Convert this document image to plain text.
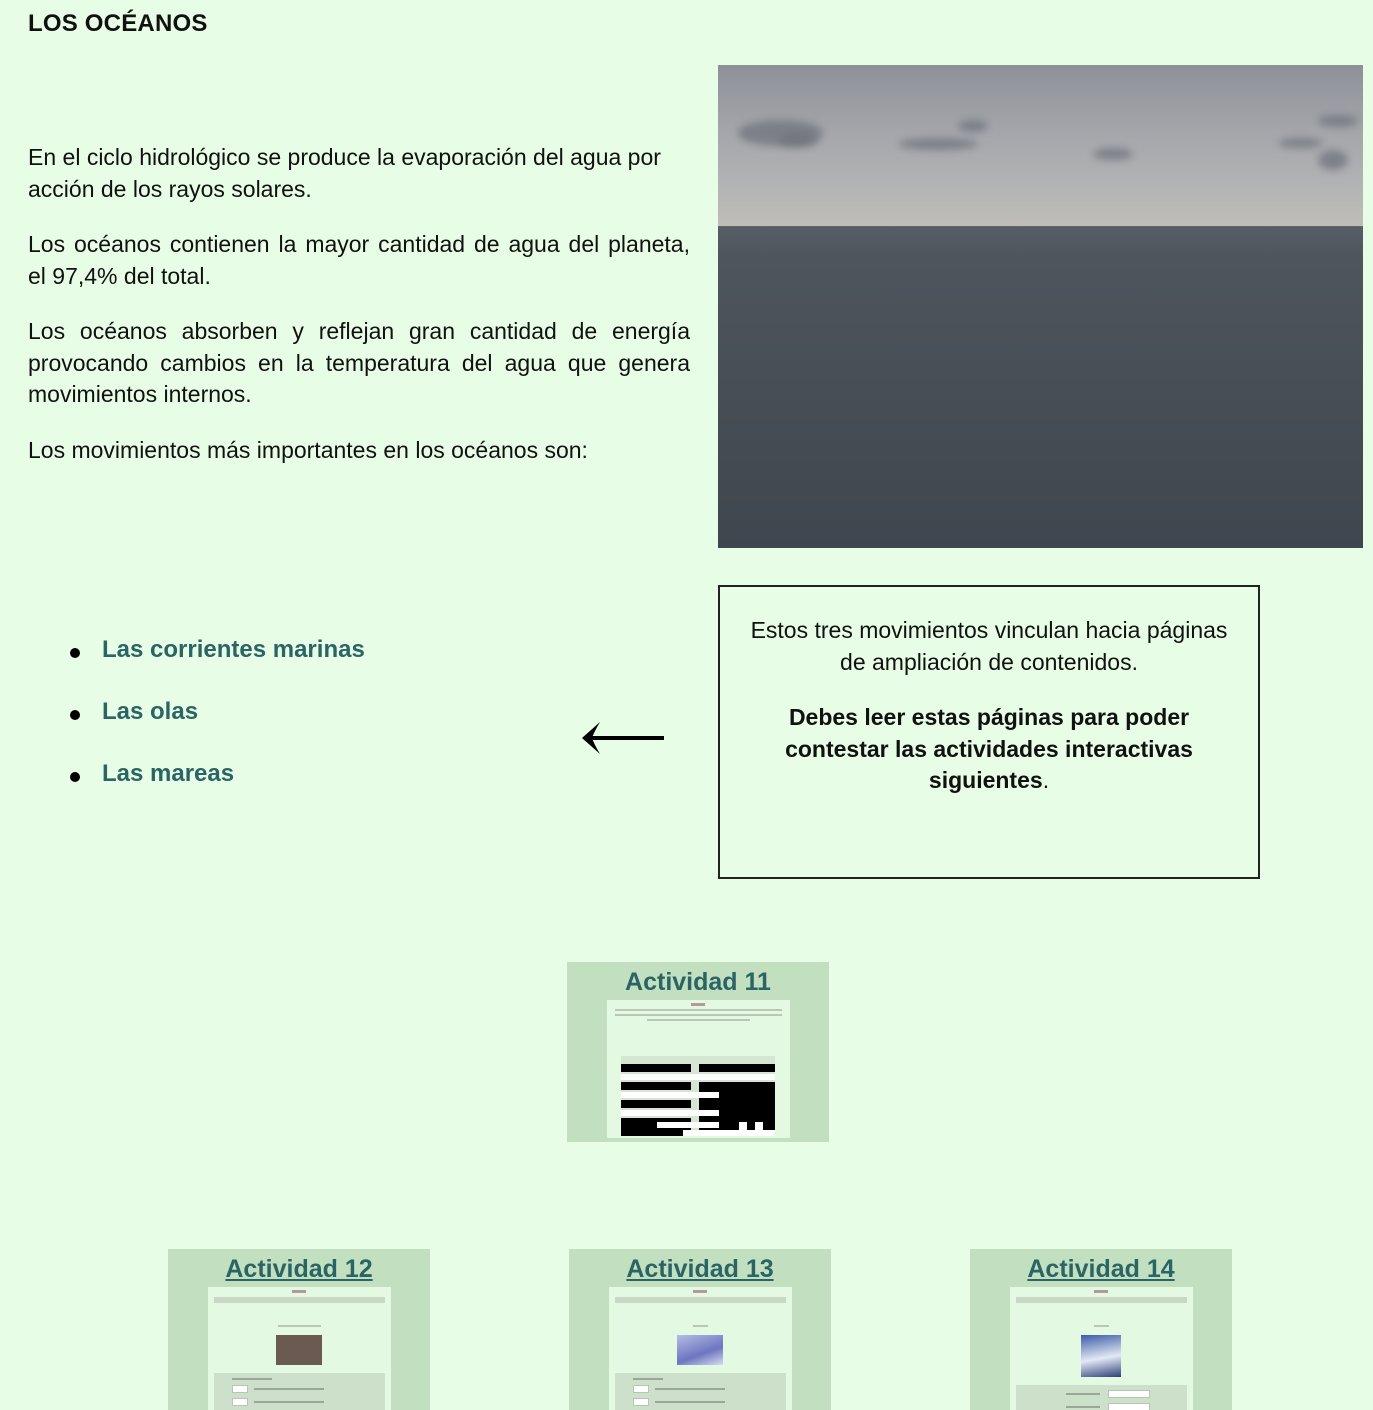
LOS OCÉANOS

En el ciclo hidrológico se produce la evaporación del agua por acción de los rayos solares.

Los océanos contienen la mayor cantidad de agua del planeta, el 97,4% del total.

Los océanos absorben y reflejan gran cantidad de energía provocando cambios en la temperatura del agua que genera movimientos internos.

Los movimientos más importantes en los océanos son:

Las corrientes marinas
Las olas
Las mareas

Estos tres movimientos vinculan hacia páginas de ampliación de contenidos.

Debes leer estas páginas para poder contestar las actividades interactivas siguientes.

Actividad 11
Actividad 12	Actividad 13	Actividad 14
